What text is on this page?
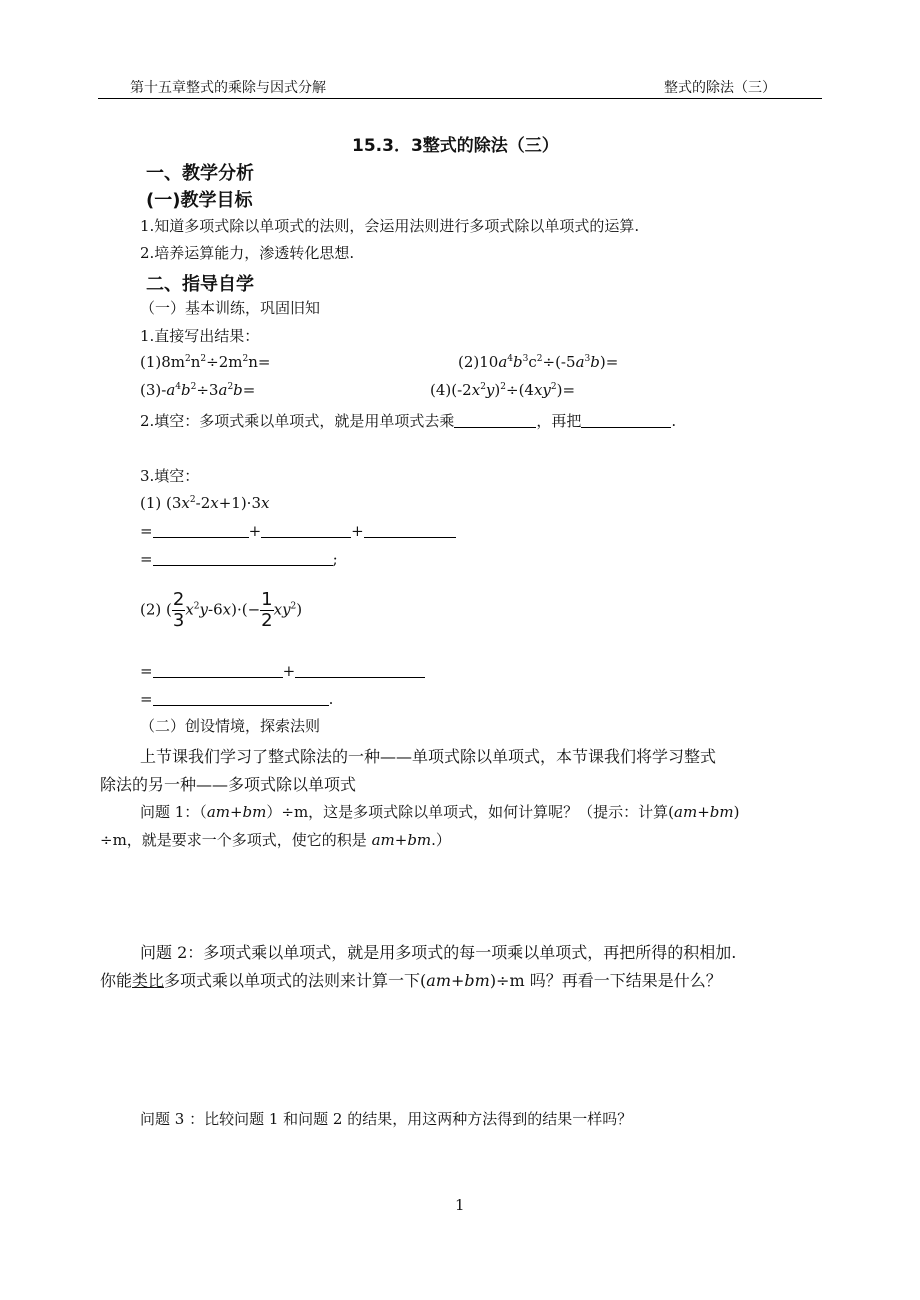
第十五章整式的乘除与因式分解	整式的除法（三）
15.3．3整式的除法（三）
一、教学分析
(一)教学目标
1.知道多项式除以单项式的法则，会运用法则进行多项式除以单项式的运算.
2.培养运算能力，渗透转化思想.
二、指导自学
（一）基本训练，巩固旧知
1.直接写出结果：
$(1)8m^2n^2\div 2m^2n=$	$(2)10a^4b^3c^2\div(-5a^3b)=$
$(3)-a^4b^2\div 3a^2b=$	$(4)(-2x^2y)^2\div(4xy^2)=$
2.填空：多项式乘以单项式，就是用单项式去乘	，再把	.
3.填空：
(1) $(3x^2-2x+1)\cdot 3x$
=	+	+
=	;
(2) ( $\frac{2}{3} x^2y-6x)\cdot(- \frac{1}{2} xy^2)$
=	+
=	.
（二）创设情境，探索法则
上节课我们学习了整式除法的一种——单项式除以单项式，本节课我们将学习整式
除法的另一种——多项式除以单项式
问题 1：（am+bm）÷m，这是多项式除以单项式，如何计算呢？（提示：计算(am+bm)
÷m，就是要求一个多项式，使它的积是 am+bm.）
问题 2：多项式乘以单项式，就是用多项式的每一项乘以单项式，再把所得的积相加.
你能类比多项式乘以单项式的法则来计算一下(am+bm)÷m 吗？再看一下结果是什么？
问题 3 ：比较问题 1 和问题 2 的结果，用这两种方法得到的结果一样吗？
1
